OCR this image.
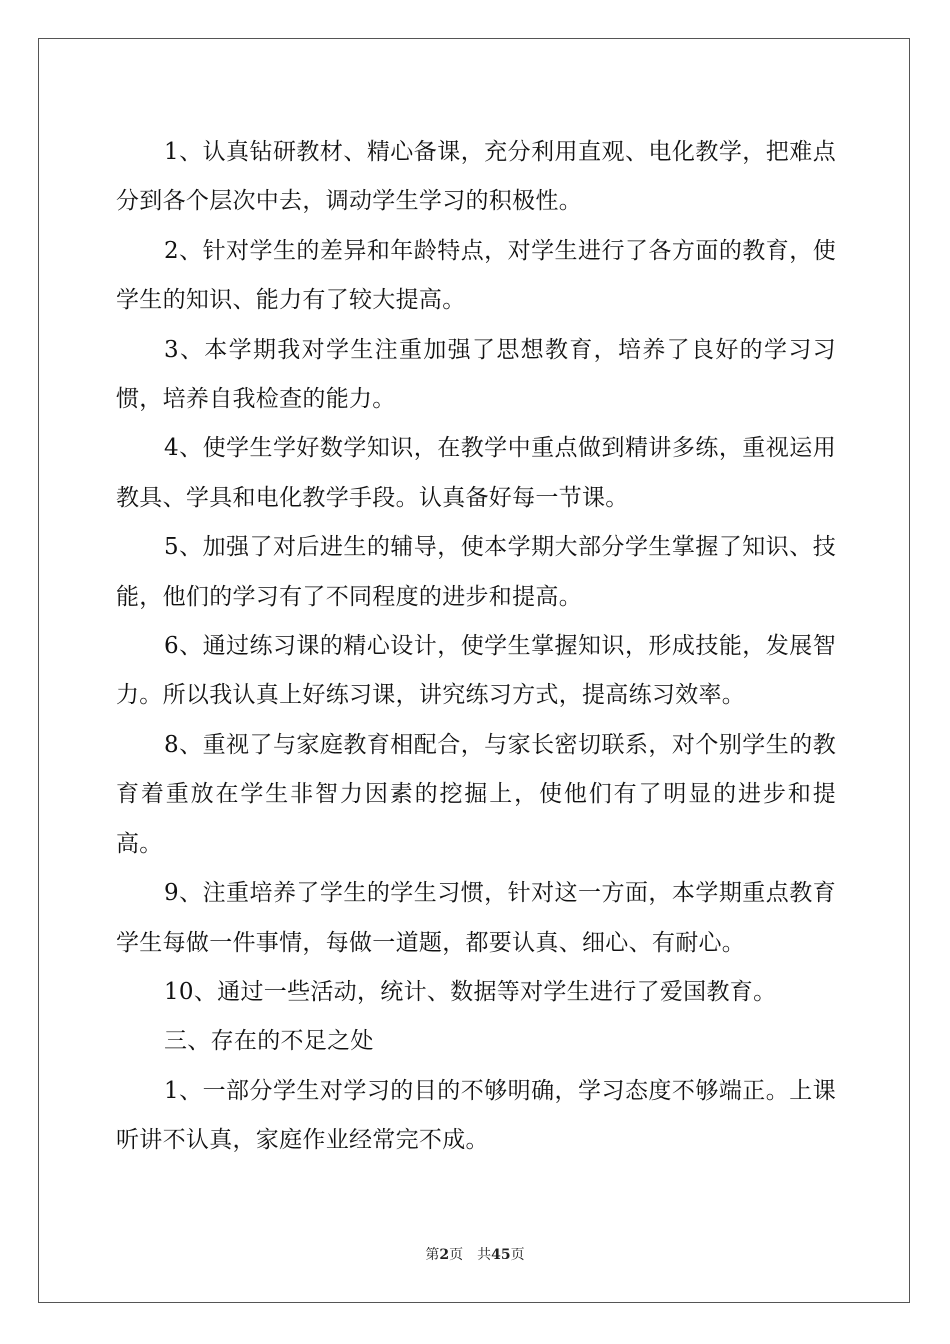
1、认真钻研教材、精心备课，充分利用直观、电化教学，把难点分到各个层次中去，调动学生学习的积极性。

2、针对学生的差异和年龄特点，对学生进行了各方面的教育，使学生的知识、能力有了较大提高。

3、本学期我对学生注重加强了思想教育，培养了良好的学习习惯，培养自我检查的能力。

4、使学生学好数学知识，在教学中重点做到精讲多练，重视运用教具、学具和电化教学手段。认真备好每一节课。

5、加强了对后进生的辅导，使本学期大部分学生掌握了知识、技能，他们的学习有了不同程度的进步和提高。

6、通过练习课的精心设计，使学生掌握知识，形成技能，发展智力。所以我认真上好练习课，讲究练习方式，提高练习效率。

8、重视了与家庭教育相配合，与家长密切联系，对个别学生的教育着重放在学生非智力因素的挖掘上，使他们有了明显的进步和提高。

9、注重培养了学生的学生习惯，针对这一方面，本学期重点教育学生每做一件事情，每做一道题，都要认真、细心、有耐心。

10、通过一些活动，统计、数据等对学生进行了爱国教育。

三、存在的不足之处

1、一部分学生对学习的目的不够明确，学习态度不够端正。上课听讲不认真，家庭作业经常完不成。

第2页 共45页
